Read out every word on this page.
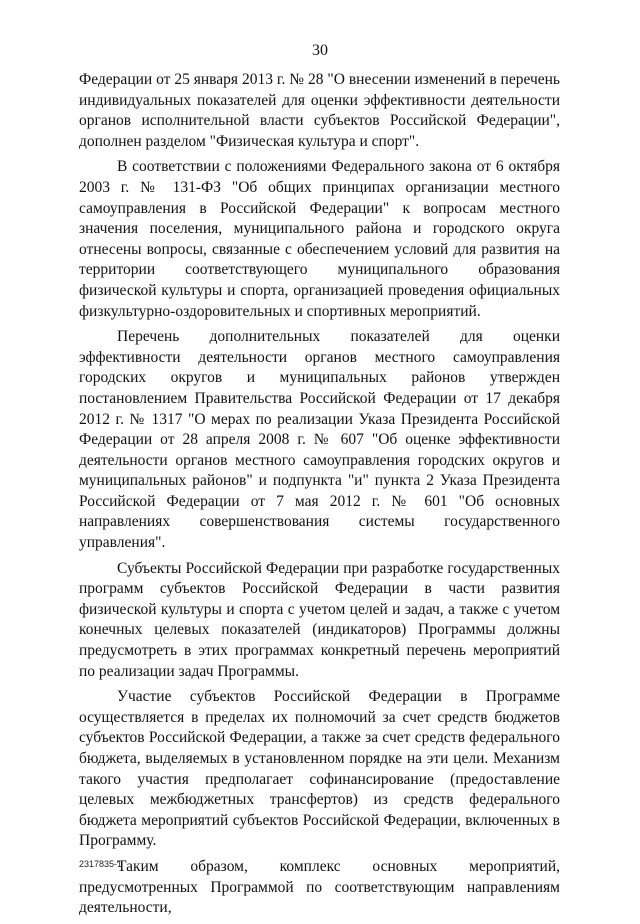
30

Федерации от 25 января 2013 г. № 28 "О внесении изменений в перечень индивидуальных показателей для оценки эффективности деятельности органов исполнительной власти субъектов Российской Федерации", дополнен разделом "Физическая культура и спорт".

В соответствии с положениями Федерального закона от 6 октября 2003 г. № 131-ФЗ "Об общих принципах организации местного самоуправления в Российской Федерации" к вопросам местного значения поселения, муниципального района и городского округа отнесены вопросы, связанные с обеспечением условий для развития на территории соответствующего муниципального образования физической культуры и спорта, организацией проведения официальных физкультурно-оздоровительных и спортивных мероприятий.

Перечень дополнительных показателей для оценки эффективности деятельности органов местного самоуправления городских округов и муниципальных районов утвержден постановлением Правительства Российской Федерации от 17 декабря 2012 г. № 1317 "О мерах по реализации Указа Президента Российской Федерации от 28 апреля 2008 г. № 607 "Об оценке эффективности деятельности органов местного самоуправления городских округов и муниципальных районов" и подпункта "и" пункта 2 Указа Президента Российской Федерации от 7 мая 2012 г. № 601 "Об основных направлениях совершенствования системы государственного управления".

Субъекты Российской Федерации при разработке государственных программ субъектов Российской Федерации в части развития физической культуры и спорта с учетом целей и задач, а также с учетом конечных целевых показателей (индикаторов) Программы должны предусмотреть в этих программах конкретный перечень мероприятий по реализации задач Программы.

Участие субъектов Российской Федерации в Программе осуществляется в пределах их полномочий за счет средств бюджетов субъектов Российской Федерации, а также за счет средств федерального бюджета, выделяемых в установленном порядке на эти цели. Механизм такого участия предполагает софинансирование (предоставление целевых межбюджетных трансфертов) из средств федерального бюджета мероприятий субъектов Российской Федерации, включенных в Программу.

Таким образом, комплекс основных мероприятий, предусмотренных Программой по соответствующим направлениям деятельности,

2317835-1
